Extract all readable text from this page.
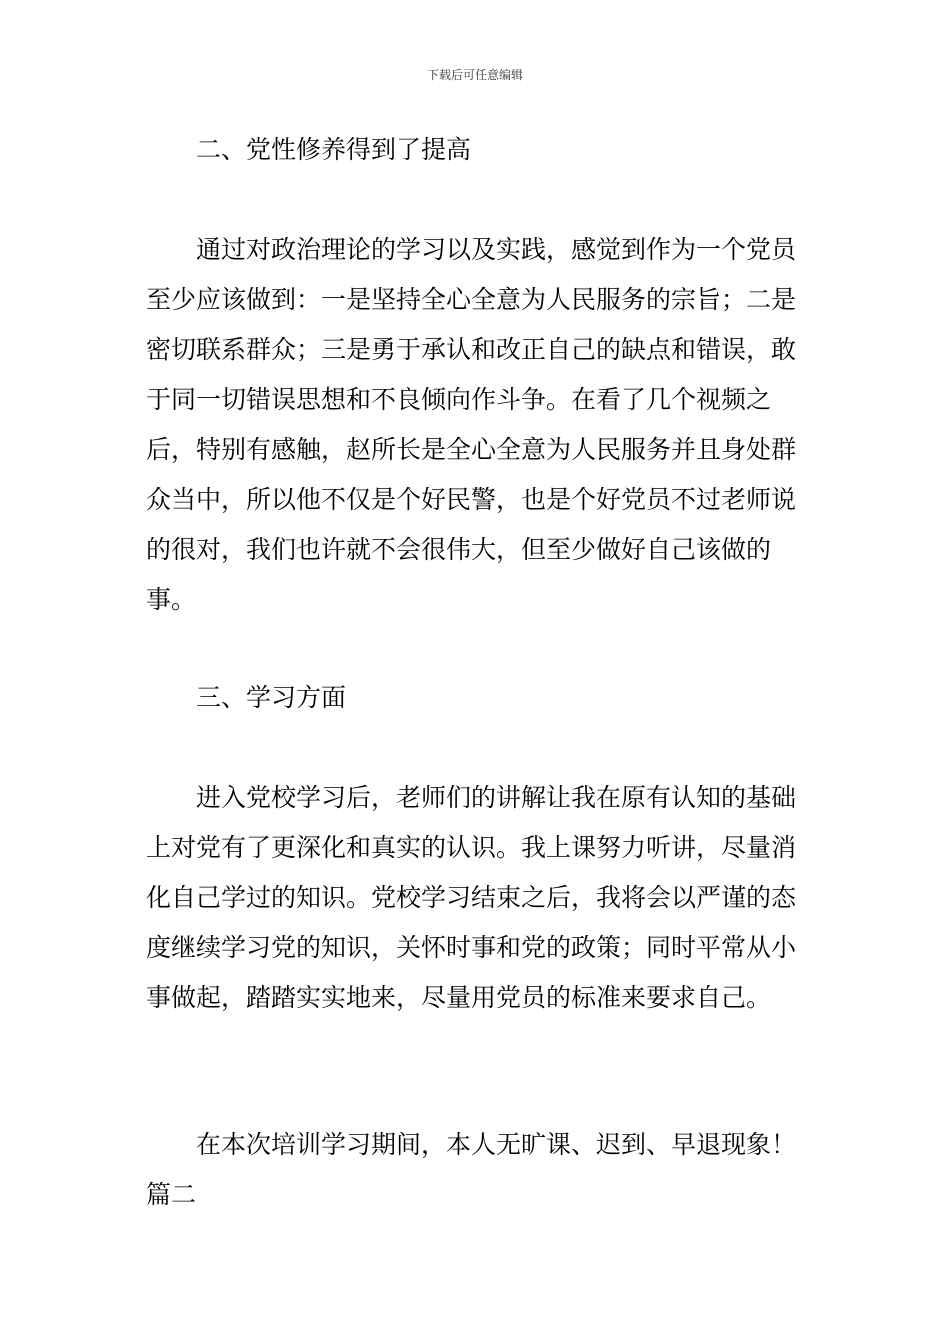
下载后可任意编辑

二、党性修养得到了提高

通过对政治理论的学习以及实践，感觉到作为一个党员至少应该做到：一是坚持全心全意为人民服务的宗旨；二是密切联系群众；三是勇于承认和改正自己的缺点和错误，敢于同一切错误思想和不良倾向作斗争。在看了几个视频之后，特别有感触，赵所长是全心全意为人民服务并且身处群众当中，所以他不仅是个好民警，也是个好党员不过老师说的很对，我们也许就不会很伟大，但至少做好自己该做的事。

三、学习方面

进入党校学习后，老师们的讲解让我在原有认知的基础上对党有了更深化和真实的认识。我上课努力听讲，尽量消化自己学过的知识。党校学习结束之后，我将会以严谨的态度继续学习党的知识，关怀时事和党的政策；同时平常从小事做起，踏踏实实地来，尽量用党员的标准来要求自己。

在本次培训学习期间，本人无旷课、迟到、早退现象！

篇二
